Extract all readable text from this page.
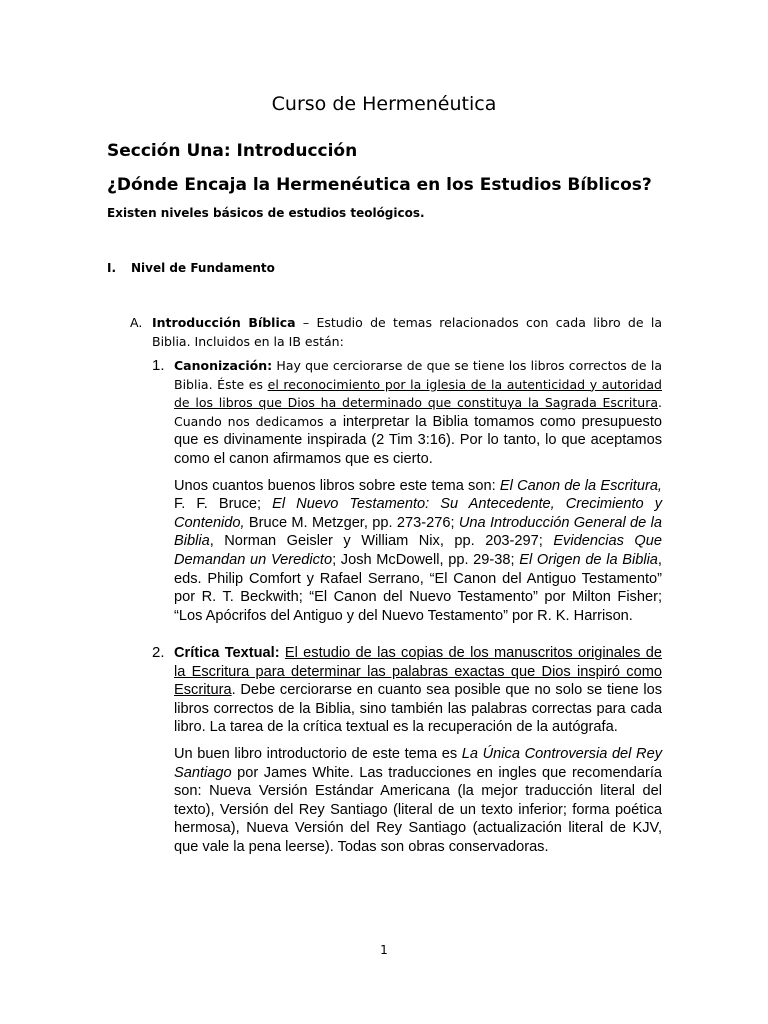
Curso de Hermenéutica
Sección Una: Introducción
¿Dónde Encaja la Hermenéutica en los Estudios Bíblicos?
Existen niveles básicos de estudios teológicos.
I. Nivel de Fundamento
A. Introducción Bíblica – Estudio de temas relacionados con cada libro de la Biblia. Incluidos en la IB están:
1. Canonización: Hay que cerciorarse de que se tiene los libros correctos de la Biblia. Éste es el reconocimiento por la iglesia de la autenticidad y autoridad de los libros que Dios ha determinado que constituya la Sagrada Escritura. Cuando nos dedicamos a interpretar la Biblia tomamos como presupuesto que es divinamente inspirada (2 Tim 3:16). Por lo tanto, lo que aceptamos como el canon afirmamos que es cierto.
Unos cuantos buenos libros sobre este tema son: El Canon de la Escritura, F. F. Bruce; El Nuevo Testamento: Su Antecedente, Crecimiento y Contenido, Bruce M. Metzger, pp. 273-276; Una Introducción General de la Biblia, Norman Geisler y William Nix, pp. 203-297; Evidencias Que Demandan un Veredicto; Josh McDowell, pp. 29-38; El Origen de la Biblia, eds. Philip Comfort y Rafael Serrano, “El Canon del Antiguo Testamento” por R. T. Beckwith; “El Canon del Nuevo Testamento” por Milton Fisher; “Los Apócrifos del Antiguo y del Nuevo Testamento” por R. K. Harrison.
2. Crítica Textual: El estudio de las copias de los manuscritos originales de la Escritura para determinar las palabras exactas que Dios inspiró como Escritura. Debe cerciorarse en cuanto sea posible que no solo se tiene los libros correctos de la Biblia, sino también las palabras correctas para cada libro. La tarea de la crítica textual es la recuperación de la autógrafa.
Un buen libro introductorio de este tema es La Única Controversia del Rey Santiago por James White. Las traducciones en ingles que recomendaría son: Nueva Versión Estándar Americana (la mejor traducción literal del texto), Versión del Rey Santiago (literal de un texto inferior; forma poética hermosa), Nueva Versión del Rey Santiago (actualización literal de KJV, que vale la pena leerse). Todas son obras conservadoras.
1
